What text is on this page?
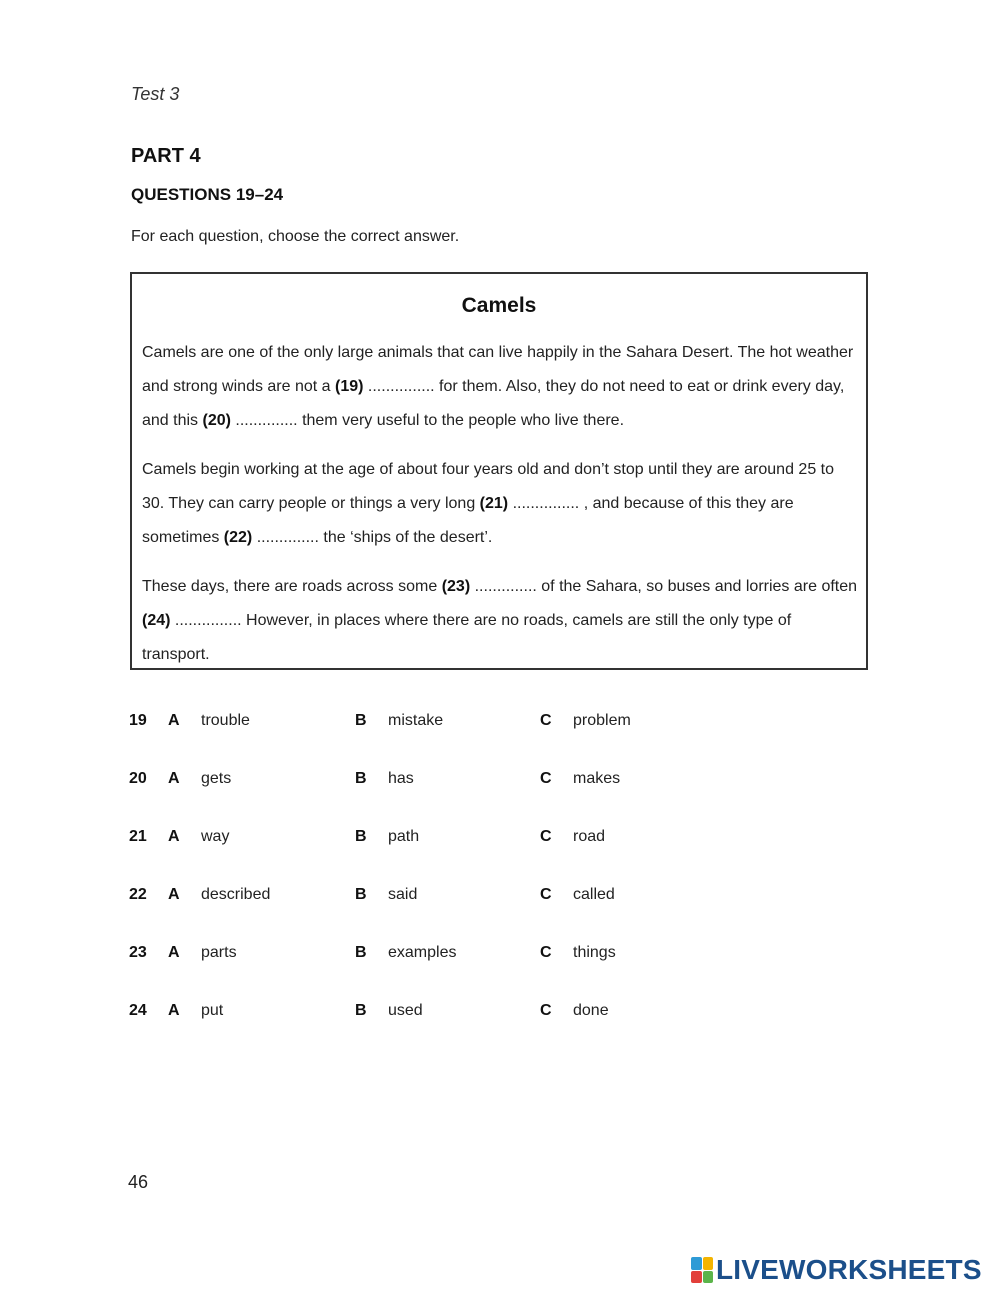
Test 3
PART 4
QUESTIONS 19–24
For each question, choose the correct answer.
Camels

Camels are one of the only large animals that can live happily in the Sahara Desert. The hot weather and strong winds are not a (19) ............... for them. Also, they do not need to eat or drink every day, and this (20) .............. them very useful to the people who live there.

Camels begin working at the age of about four years old and don’t stop until they are around 25 to 30. They can carry people or things a very long (21) ............... , and because of this they are sometimes (22) .............. the ‘ships of the desert’.

These days, there are roads across some (23) .............. of the Sahara, so buses and lorries are often (24) ............... However, in places where there are no roads, camels are still the only type of transport.

19 A trouble	B mistake	C problem
20 A gets	B has	C makes
21 A way	B path	C road
22 A described	B said	C called
23 A parts	B examples	C things
24 A put	B used	C done
46
LIVEWORKSHEETS
